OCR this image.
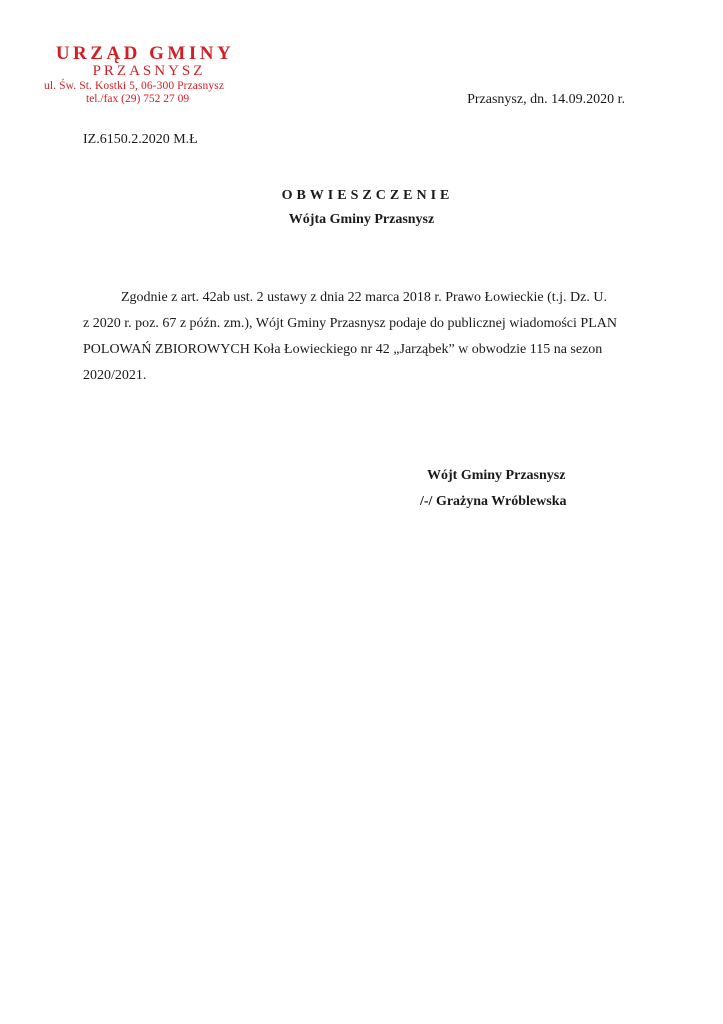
URZĄD GMINY
PRZASNYSZ
ul. Św. St. Kostki 5, 06-300 Przasnysz
tel./fax (29) 752 27 09	Przasnysz, dn. 14.09.2020 r.
IZ.6150.2.2020 M.Ł
OBWIESZCZENIE
Wójta Gminy Przasnysz
Zgodnie z art. 42ab ust. 2 ustawy z dnia 22 marca 2018 r. Prawo Łowieckie (t.j. Dz. U.
z 2020 r. poz. 67 z późn. zm.), Wójt Gminy Przasnysz podaje do publicznej wiadomości PLAN
POLOWAŃ ZBIOROWYCH Koła Łowieckiego nr 42 „Jarząbek” w obwodzie 115 na sezon
2020/2021.
Wójt Gminy Przasnysz
/-/ Grażyna Wróblewska
